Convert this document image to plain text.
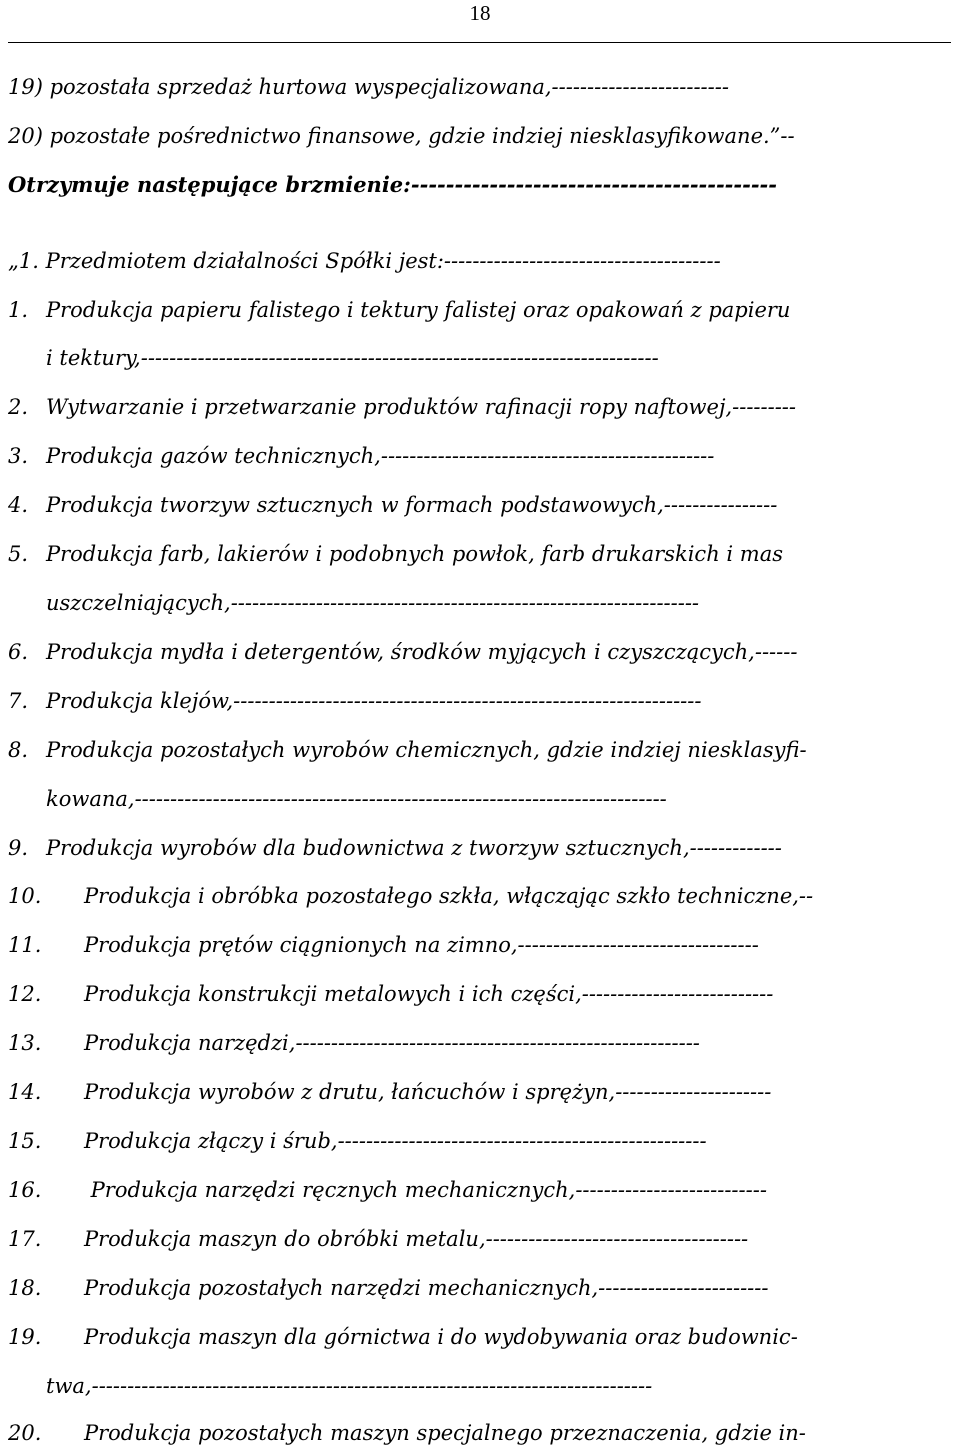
18

19) pozostała sprzedaż hurtowa wyspecjalizowana,-------------------------

20) pozostałe pośrednictwo finansowe, gdzie indziej niesklasyfikowane.”--

Otrzymuje następujące brzmienie:------------------------------------------

„1. Przedmiotem działalności Spółki jest:---------------------------------------

1. Produkcja papieru falistego i tektury falistej oraz opakowań z papieru

i tektury,-------------------------------------------------------------------------

2. Wytwarzanie i przetwarzanie produktów rafinacji ropy naftowej,---------

3. Produkcja gazów technicznych,-----------------------------------------------

4. Produkcja tworzyw sztucznych w formach podstawowych,----------------

5. Produkcja farb, lakierów i podobnych powłok, farb drukarskich i mas

uszczelniających,------------------------------------------------------------------

6. Produkcja mydła i detergentów, środków myjących i czyszczących,------

7. Produkcja klejów,------------------------------------------------------------------

8. Produkcja pozostałych wyrobów chemicznych, gdzie indziej niesklasyfi-

kowana,---------------------------------------------------------------------------

9. Produkcja wyrobów dla budownictwa z tworzyw sztucznych,-------------

10. Produkcja i obróbka pozostałego szkła, włączając szkło techniczne,--

11. Produkcja prętów ciągnionych na zimno,----------------------------------

12. Produkcja konstrukcji metalowych i ich części,---------------------------

13. Produkcja narzędzi,---------------------------------------------------------

14. Produkcja wyrobów z drutu, łańcuchów i sprężyn,----------------------

15. Produkcja złączy i śrub,----------------------------------------------------

16. Produkcja narzędzi ręcznych mechanicznych,---------------------------

17. Produkcja maszyn do obróbki metalu,-------------------------------------

18. Produkcja pozostałych narzędzi mechanicznych,------------------------

19. Produkcja maszyn dla górnictwa i do wydobywania oraz budownic-

twa,-------------------------------------------------------------------------------

20. Produkcja pozostałych maszyn specjalnego przeznaczenia, gdzie in-
